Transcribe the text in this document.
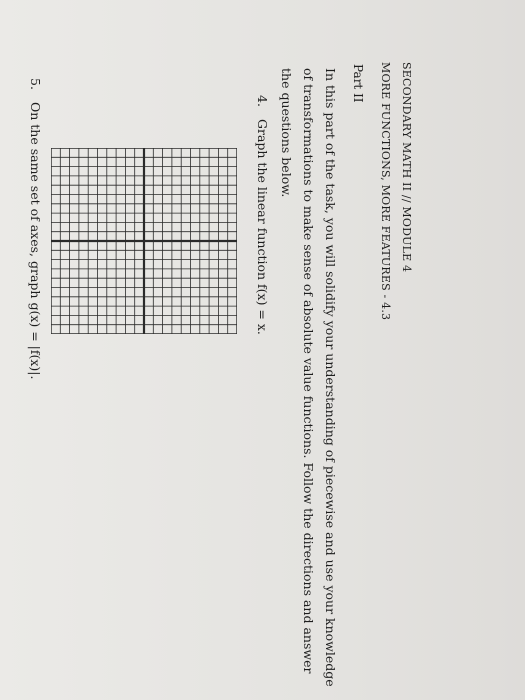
SECONDARY MATH II // MODULE 4
MORE FUNCTIONS, MORE FEATURES - 4.3
Part II
In this part of the task, you will solidify your understanding of piecewise and use your knowledge of transformations to make sense of absolute value functions. Follow the directions and answer the questions below.
4. Graph the linear function f(x) = x.
5. On the same set of axes, graph g(x) = |f(x)|.
